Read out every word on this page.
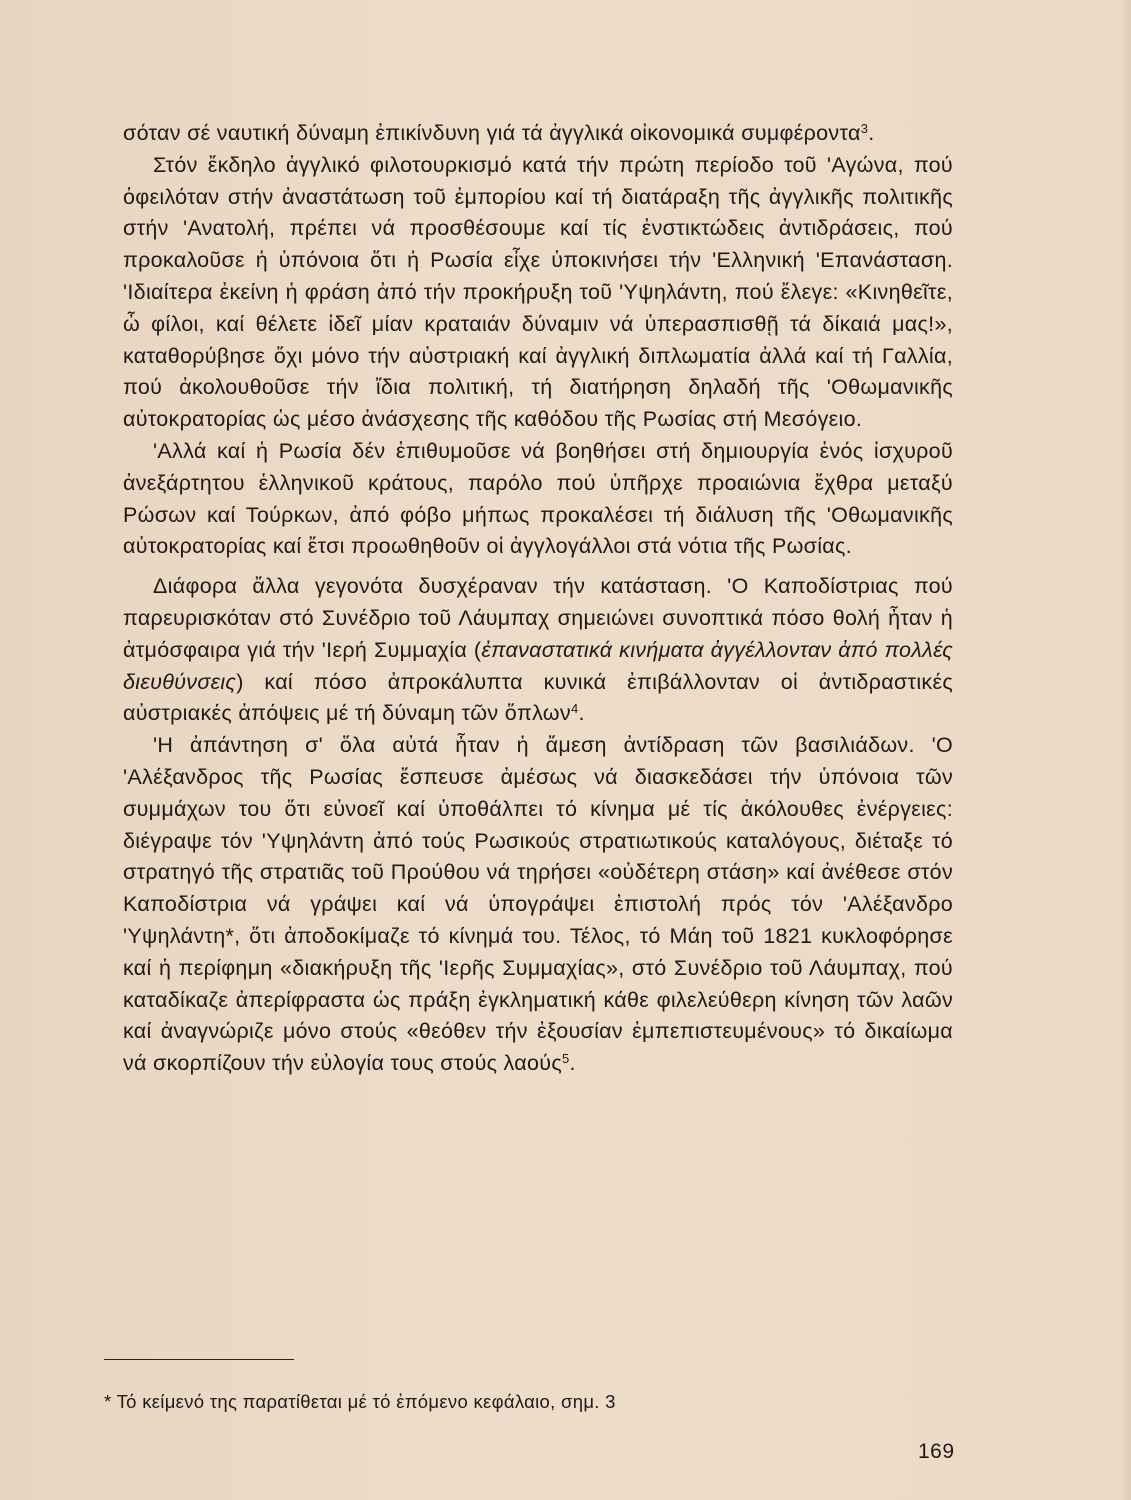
σόταν σέ ναυτική δύναμη ἐπικίνδυνη γιά τά ἀγγλικά οἰκονομικά συμφέροντα$^3$.

Στόν ἔκδηλο ἀγγλικό φιλοτουρκισμό κατά τήν πρώτη περίοδο τοῦ 'Αγώνα, πού ὀφειλόταν στήν ἀναστάτωση τοῦ ἐμπορίου καί τή διατάραξη τῆς ἀγγλικῆς πολιτικῆς στήν 'Ανατολή, πρέπει νά προσθέσουμε καί τίς ἐνστικτώδεις ἀντιδράσεις, πού προκαλοῦσε ἡ ὑπόνοια ὅτι ἡ Ρωσία εἶχε ὑποκινήσει τήν 'Ελληνική 'Επανάσταση. 'Ιδιαίτερα ἐκείνη ἡ φράση ἀπό τήν προκήρυξη τοῦ 'Υψηλάντη, πού ἔλεγε: «Κινηθεῖτε, ὦ φίλοι, καί θέλετε ἰδεῖ μίαν κραταιάν δύναμιν νά ὑπερασπισθῇ τά δίκαιά μας!», καταθορύβησε ὄχι μόνο τήν αὐστριακή καί ἀγγλική διπλωματία ἀλλά καί τή Γαλλία, πού ἀκολουθοῦσε τήν ἴδια πολιτική, τή διατήρηση δηλαδή τῆς 'Οθωμανικῆς αὐτοκρατορίας ὡς μέσο ἀνάσχεσης τῆς καθόδου τῆς Ρωσίας στή Μεσόγειο.

'Αλλά καί ἡ Ρωσία δέν ἐπιθυμοῦσε νά βοηθήσει στή δημιουργία ἑνός ἰσχυροῦ ἀνεξάρτητου ἑλληνικοῦ κράτους, παρόλο πού ὑπῆρχε προαιώνια ἔχθρα μεταξύ Ρώσων καί Τούρκων, ἀπό φόβο μήπως προκαλέσει τή διάλυση τῆς 'Οθωμανικῆς αὐτοκρατορίας καί ἔτσι προωθηθοῦν οἱ ἀγγλογάλλοι στά νότια τῆς Ρωσίας.

Διάφορα ἄλλα γεγονότα δυσχέραναν τήν κατάσταση. 'Ο Καποδίστριας πού παρευρισκόταν στό Συνέδριο τοῦ Λάυμπαχ σημειώνει συνοπτικά πόσο θολή ἦταν ἡ ἀτμόσφαιρα γιά τήν 'Ιερή Συμμαχία (ἐπαναστατικά κινήματα ἀγγέλλονταν ἀπό πολλές διευθύνσεις) καί πόσο ἀπροκάλυπτα κυνικά ἐπιβάλλονταν οἱ ἀντιδραστικές αὐστριακές ἀπόψεις μέ τή δύναμη τῶν ὅπλων$^4$.

'Η ἀπάντηση σ' ὅλα αὐτά ἦταν ἡ ἄμεση ἀντίδραση τῶν βασιλιάδων. 'Ο 'Αλέξανδρος τῆς Ρωσίας ἔσπευσε ἀμέσως νά διασκεδάσει τήν ὑπόνοια τῶν συμμάχων του ὅτι εὐνοεῖ καί ὑποθάλπει τό κίνημα μέ τίς ἀκόλουθες ἐνέργειες: διέγραψε τόν 'Υψηλάντη ἀπό τούς Ρωσικούς στρατιωτικούς καταλόγους, διέταξε τό στρατηγό τῆς στρατιᾶς τοῦ Προύθου νά τηρήσει «οὐδέτερη στάση» καί ἀνέθεσε στόν Καποδίστρια νά γράψει καί νά ὑπογράψει ἐπιστολή πρός τόν 'Αλέξανδρο 'Υψηλάντη*, ὅτι ἀποδοκίμαζε τό κίνημά του. Τέλος, τό Μάη τοῦ 1821 κυκλοφόρησε καί ἡ περίφημη «διακήρυξη τῆς 'Ιερῆς Συμμαχίας», στό Συνέδριο τοῦ Λάυμπαχ, πού καταδίκαζε ἀπερίφραστα ὡς πράξη ἐγκληματική κάθε φιλελεύθερη κίνηση τῶν λαῶν καί ἀναγνώριζε μόνο στούς «θεόθεν τήν ἐξουσίαν ἐμπεπιστευμένους» τό δικαίωμα νά σκορπίζουν τήν εὐλογία τους στούς λαούς$^5$.

* Τό κείμενό της παρατίθεται μέ τό ἑπόμενο κεφάλαιο, σημ. 3
169
